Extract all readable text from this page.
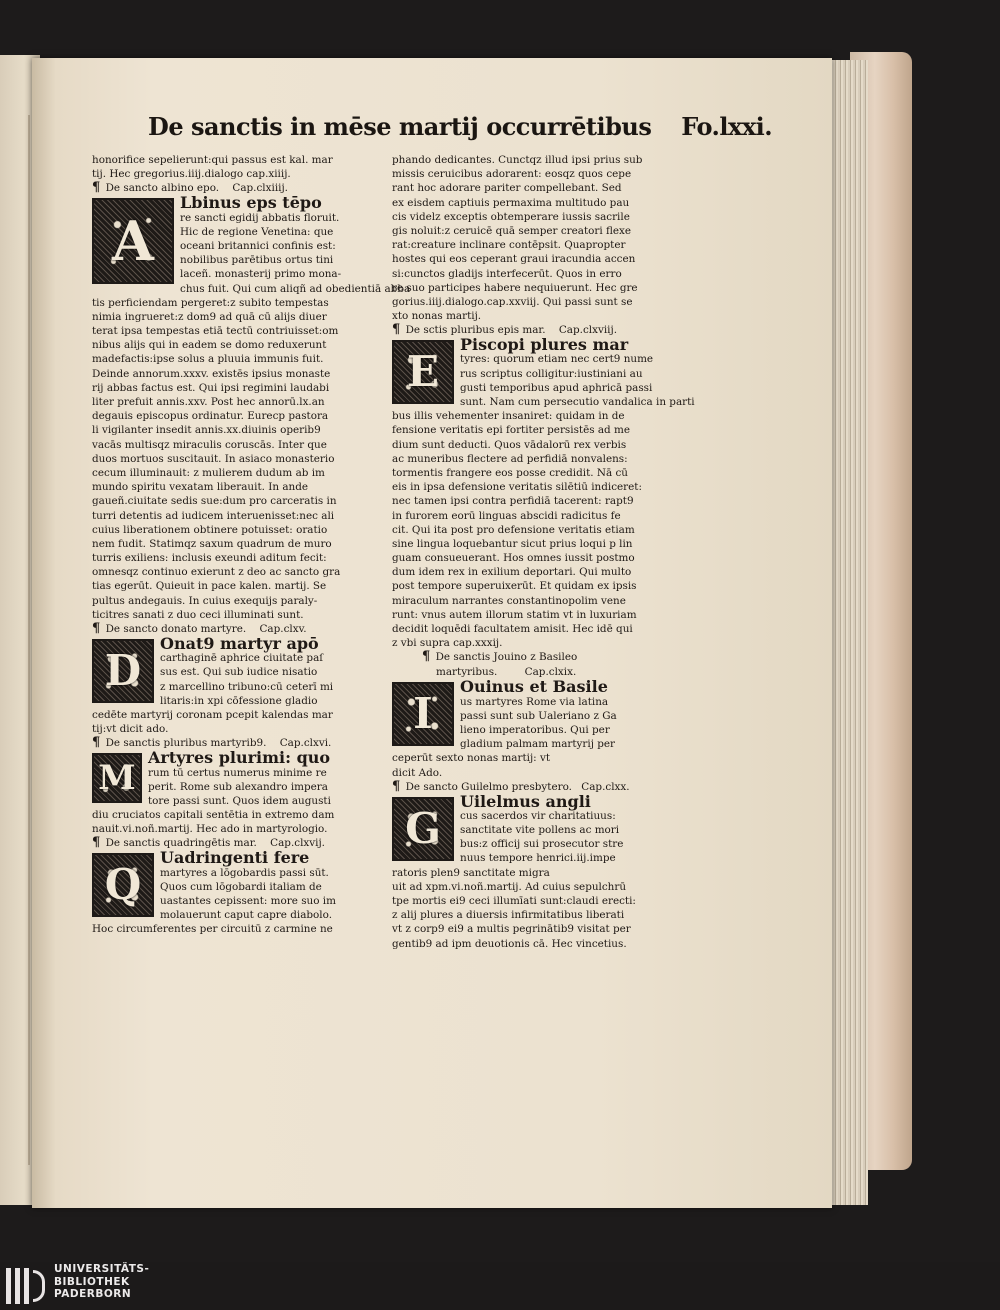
De sanctis in mēse martij occurrētibus Fo.lxxi.
honorifice sepelierunt:qui passus est kal. mar
tij. Hec gregorius.iiij.dialogo cap.xiiij.
¶ De sancto albino epo. Cap.clxiiij.
A
Lbinus eps tēpo
re sancti egidij abbatis floruit.
Hic de regione Venetina: que
oceani britannici confinis est:
nobilibus parētibus ortus tini
laceñ. monasterij primo mona-
chus fuit. Qui cum aliqñ ad obedientiā abba
tis perficiendam pergeret:z subito tempestas
nimia ingrueret:z dom9 ad quā cū alijs diuer
terat ipsa tempestas etiā tectū contriuisset:om
nibus alijs qui in eadem se domo reduxerunt
madefactis:ipse solus a pluuia immunis fuit.
Deinde annorum.xxxv. existēs ipsius monaste
rij abbas factus est. Qui ipsi regimini laudabi
liter prefuit annis.xxv. Post hec annorū.lx.an
degauis episcopus ordinatur. Eurecp pastora
li vigilanter insedit annis.xx.diuinis operib9
vacās multisqz miraculis coruscās. Inter que
duos mortuos suscitauit. In asiaco monasterio
cecum illuminauit: z mulierem dudum ab im
mundo spiritu vexatam liberauit. In ande
gaueñ.ciuitate sedis sue:dum pro carceratis in
turri detentis ad iudicem interuenisset:nec ali
cuius liberationem obtinere potuisset: oratio
nem fudit. Statimqz saxum quadrum de muro
turris exiliens: inclusis exeundi aditum fecit:
omnesqz continuo exierunt z deo ac sancto gra
tias egerūt. Quieuit in pace kalen. martij. Se
pultus andegauis. In cuius exequijs paraly-
ticitres sanati z duo ceci illuminati sunt.
¶ De sancto donato martyre. Cap.clxv.
D
Onat9 martyr apō
carthaginē aphrice ciuitate paſ
sus est. Qui sub iudice nisatio
z marcellino tribuno:cū ceterī mi
litaris:in xpi cōfessione gladio
cedēte martyrij coronam pcepit kalendas mar
tij:vt dicit ado.
¶ De sanctis pluribus martyrib9. Cap.clxvi.
M
Artyres plurimi: quo
rum tū certus numerus minime re
perit. Rome sub alexandro impera
tore passi sunt. Quos idem augusti
diu cruciatos capitali sentētia in extremo dam
nauit.vi.noñ.martij. Hec ado in martyrologio.
¶ De sanctis quadringētis mar. Cap.clxvij.
Q
Uadringenti fere
martyres a lōgobardis passi sūt.
Quos cum lōgobardi italiam de
uastantes cepissent: more suo im
molauerunt caput capre diabolo.
Hoc circumferentes per circuitū z carmine ne
phando dedicantes. Cunctqz illud ipsi prius sub
missis ceruicibus adorarent: eosqz quos cepe
rant hoc adorare pariter compellebant. Sed
ex eisdem captiuis permaxima multitudo pau
cis videlz exceptis obtemperare iussis sacrile
gis noluit:z ceruicē quā semper creatori flexe
rat:creature inclinare contēpsit. Quapropter
hostes qui eos ceperant graui iracundia accen
si:cunctos gladijs interfecerūt. Quos in erro
re suo participes habere nequiuerunt. Hec gre
gorius.iiij.dialogo.cap.xxviij. Qui passi sunt se
xto nonas martij.
¶ De sctis pluribus epis mar. Cap.clxviij.
E
Piscopi plures mar
tyres: quorum etiam nec cert9 nume
rus scriptus colligitur:iustiniani au
gusti temporibus apud aphricā passi
sunt. Nam cum persecutio vandalica in parti
bus illis vehementer insaniret: quidam in de
fensione veritatis epi fortiter persistēs ad me
dium sunt deducti. Quos vādalorū rex verbis
ac muneribus flectere ad perfidiā nonvalens:
tormentis frangere eos posse credidit. Nā cū
eis in ipsa defensione veritatis silētiū indiceret:
nec tamen ipsi contra perfidiā tacerent: rapt9
in furorem eorū linguas abscidi radicitus fe
cit. Qui ita post pro defensione veritatis etiam
sine lingua loquebantur sicut prius loqui p lin
guam consueuerant. Hos omnes iussit postmo
dum idem rex in exilium deportari. Qui multo
post tempore superuixerūt. Et quidam ex ipsis
miraculum narrantes constantinopolim vene
runt: vnus autem illorum statim vt in luxuriam
decidit loquēdi facultatem amisit. Hec idē qui
z vbi supra cap.xxxij.
¶ De sanctis Jouino z Basileo
martyribus.	Cap.clxix.
I
Ouinus et Basile
us martyres Rome via latina
passi sunt sub Ualeriano z Ga
lieno imperatoribus. Qui per
gladium palmam martyrij per
ceperūt sexto nonas martij: vt
dicit Ado.
¶ De sancto Guilelmo presbytero. Cap.clxx.
G
Uilelmus angli
cus sacerdos vir charitatiuus:
sanctitate vite pollens ac mori
bus:z officij sui prosecutor stre
nuus tempore henrici.iij.impe
ratoris plen9 sanctitate migra
uit ad xpm.vi.noñ.martij. Ad cuius sepulchrū
tpe mortis ei9 ceci illumīati sunt:claudi erecti:
z alij plures a diuersis infirmitatibus liberati
vt z corp9 ei9 a multis pegrinātib9 visitat per
gentib9 ad ipm deuotionis cā. Hec vincetius.
UNIVERSITÄTS-
BIBLIOTHEK
PADERBORN
